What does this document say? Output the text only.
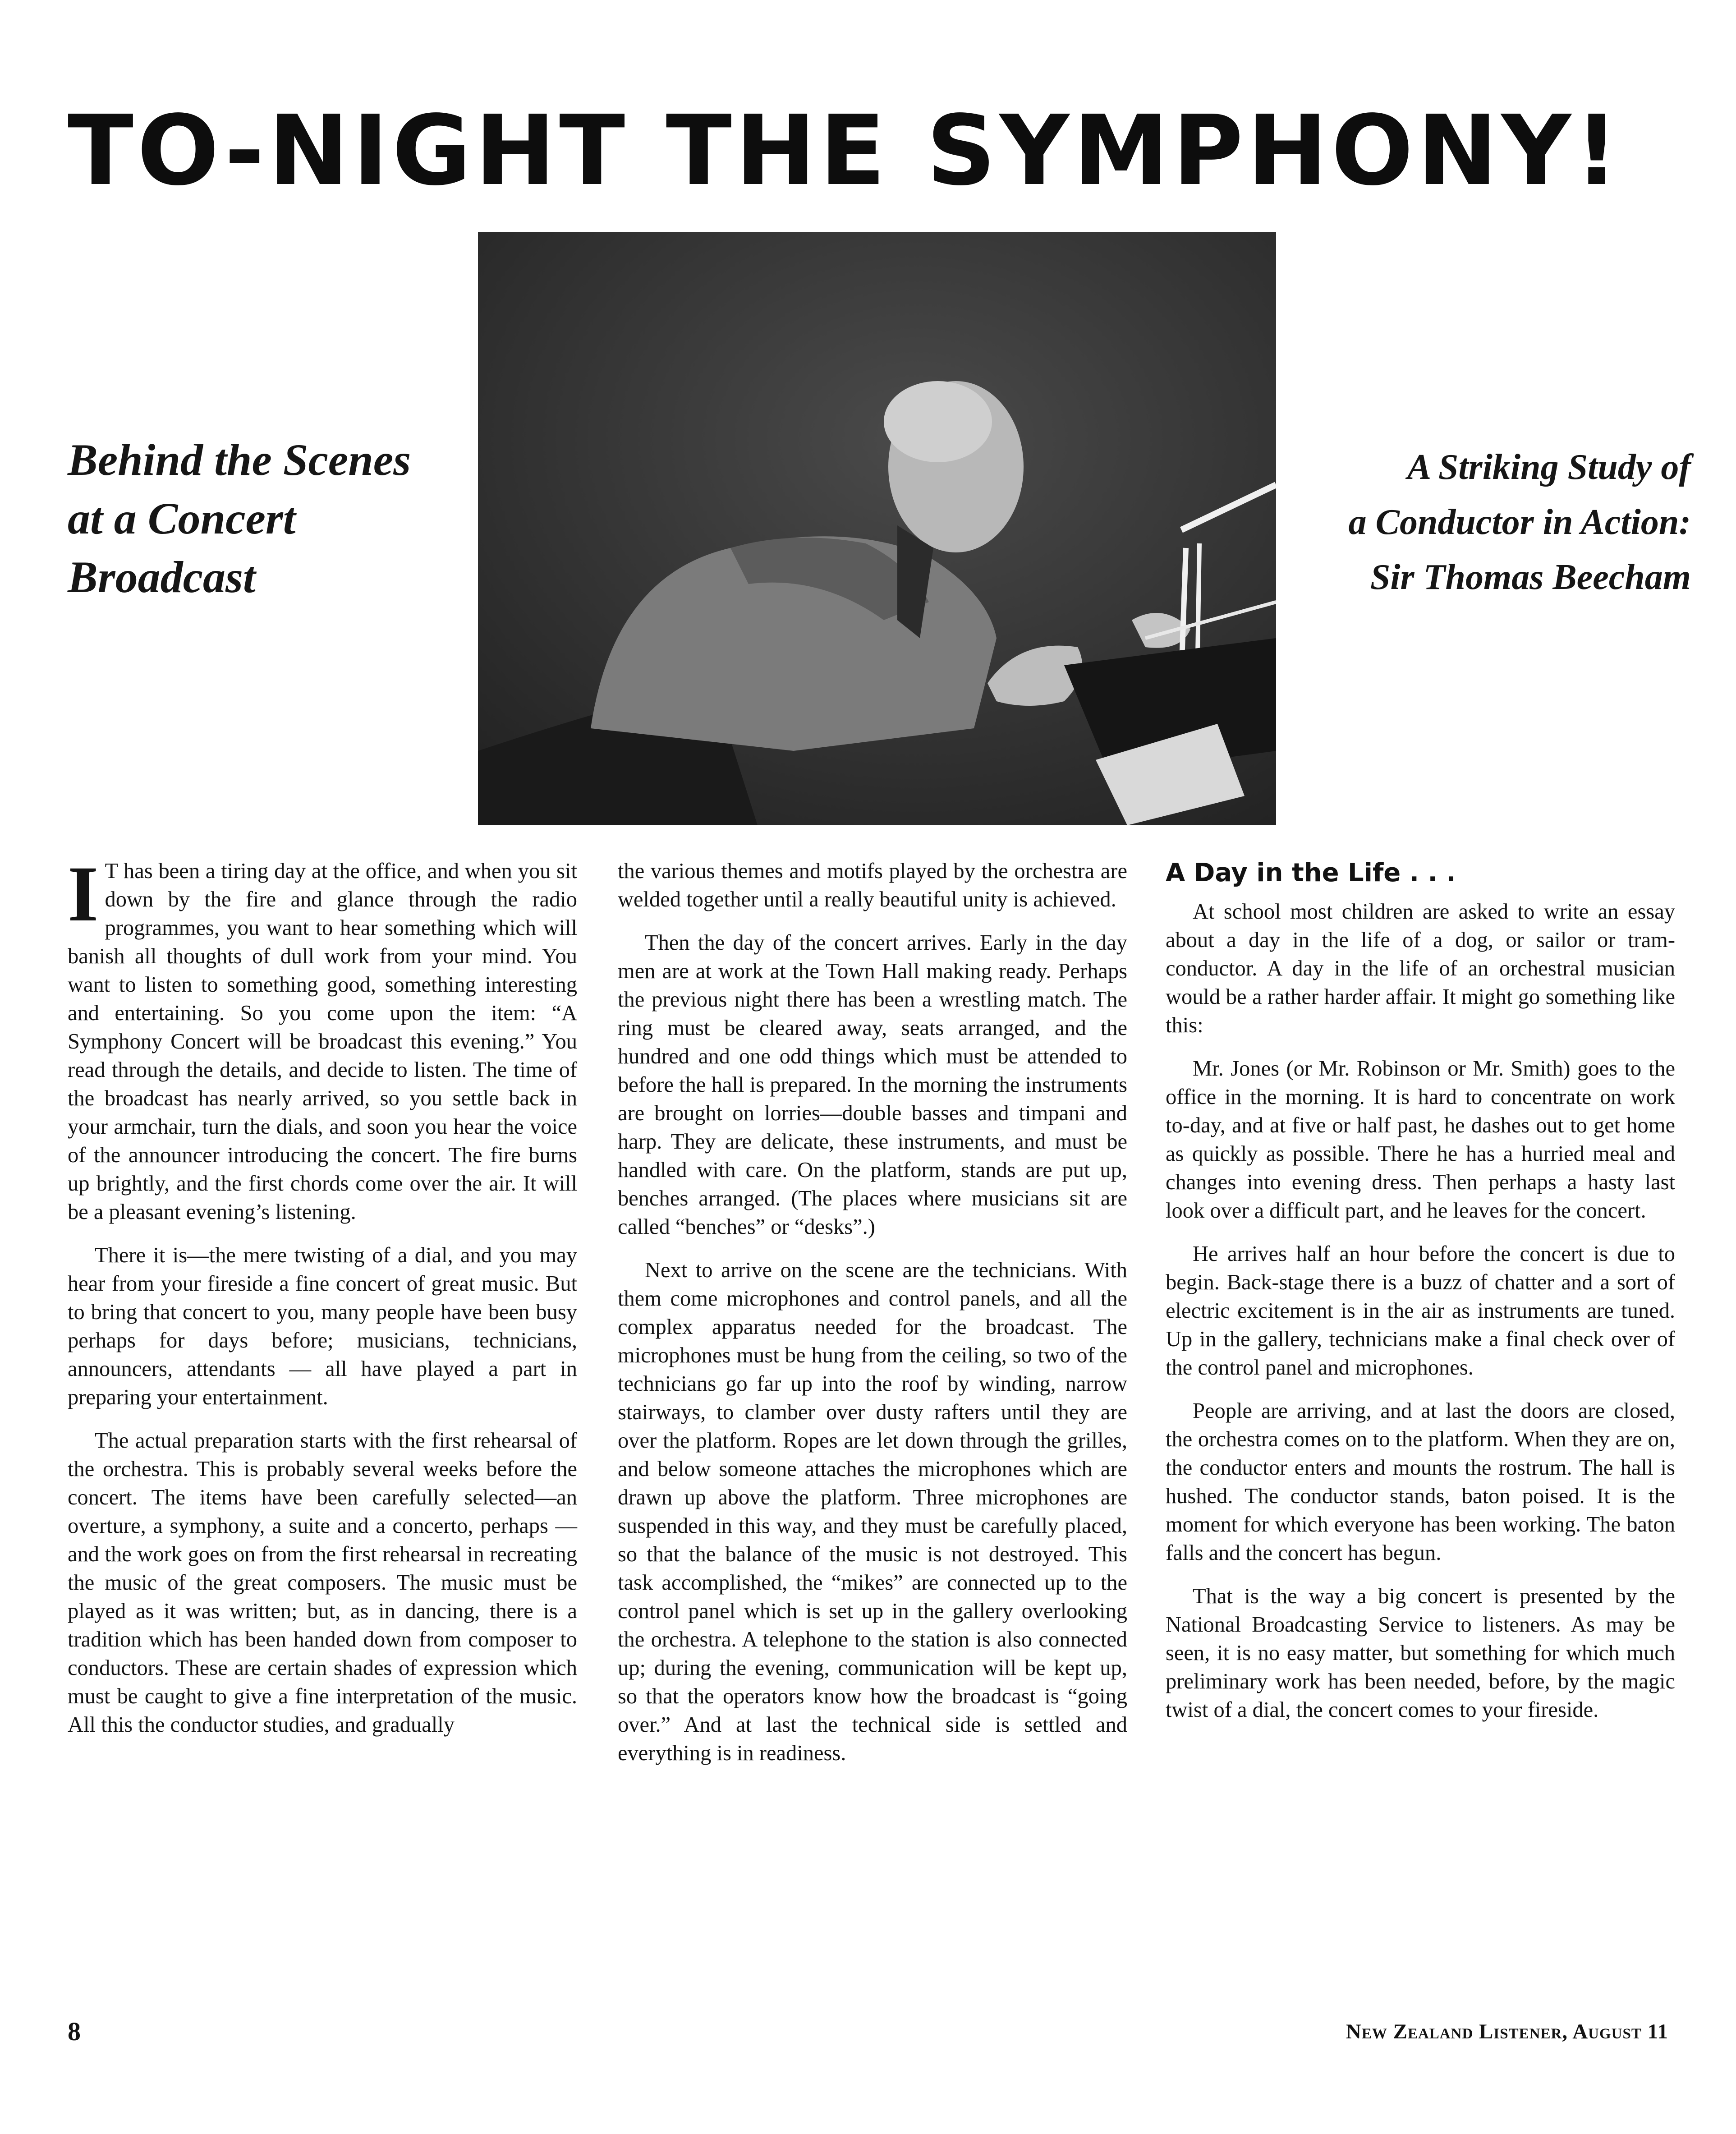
TO-NIGHT THE SYMPHONY!
Behind the Scenes
at a Concert
Broadcast
A Striking Study of
a Conductor in Action:
Sir Thomas Beecham

I T has been a tiring day at the office, and when you sit down by the fire and glance through the radio programmes, you want to hear something which will banish all thoughts of dull work from your mind. You want to listen to something good, something interesting and entertaining. So you come upon the item: “A Symphony Concert will be broadcast this evening.” You read through the details, and decide to listen. The time of the broadcast has nearly arrived, so you settle back in your armchair, turn the dials, and soon you hear the voice of the announcer introducing the concert. The fire burns up brightly, and the first chords come over the air. It will be a pleasant evening’s listening.

There it is—the mere twisting of a dial, and you may hear from your fireside a fine concert of great music. But to bring that concert to you, many people have been busy perhaps for days before; musicians, technicians, announcers, attendants — all have played a part in preparing your entertainment.

The actual preparation starts with the first rehearsal of the orchestra. This is probably several weeks before the concert. The items have been carefully selected—an overture, a symphony, a suite and a concerto, perhaps —and the work goes on from the first rehearsal in recreating the music of the great composers. The music must be played as it was written; but, as in dancing, there is a tradition which has been handed down from composer to conductors. These are certain shades of expression which must be caught to give a fine interpretation of the music. All this the conductor studies, and gradually

the various themes and motifs played by the orchestra are welded together until a really beautiful unity is achieved.

Then the day of the concert arrives. Early in the day men are at work at the Town Hall making ready. Perhaps the previous night there has been a wrestling match. The ring must be cleared away, seats arranged, and the hundred and one odd things which must be attended to before the hall is prepared. In the morning the instruments are brought on lorries—double basses and timpani and harp. They are delicate, these instruments, and must be handled with care. On the platform, stands are put up, benches arranged. (The places where musicians sit are called “benches” or “desks”.)

Next to arrive on the scene are the technicians. With them come microphones and control panels, and all the complex apparatus needed for the broadcast. The microphones must be hung from the ceiling, so two of the technicians go far up into the roof by winding, narrow stairways, to clamber over dusty rafters until they are over the platform. Ropes are let down through the grilles, and below someone attaches the microphones which are drawn up above the platform. Three microphones are suspended in this way, and they must be carefully placed, so that the balance of the music is not destroyed. This task accomplished, the “mikes” are connected up to the control panel which is set up in the gallery overlooking the orchestra. A telephone to the station is also connected up; during the evening, communication will be kept up, so that the operators know how the broadcast is “going over.” And at last the technical side is settled and everything is in readiness.

A Day in the Life . . .

At school most children are asked to write an essay about a day in the life of a dog, or sailor or tram-conductor. A day in the life of an orchestral musician would be a rather harder affair. It might go something like this:

Mr. Jones (or Mr. Robinson or Mr. Smith) goes to the office in the morning. It is hard to concentrate on work to-day, and at five or half past, he dashes out to get home as quickly as possible. There he has a hurried meal and changes into evening dress. Then perhaps a hasty last look over a difficult part, and he leaves for the concert.

He arrives half an hour before the concert is due to begin. Back-stage there is a buzz of chatter and a sort of electric excitement is in the air as instruments are tuned. Up in the gallery, technicians make a final check over of the control panel and microphones.

People are arriving, and at last the doors are closed, the orchestra comes on to the platform. When they are on, the conductor enters and mounts the rostrum. The hall is hushed. The conductor stands, baton poised. It is the moment for which everyone has been working. The baton falls and the concert has begun.

That is the way a big concert is presented by the National Broadcasting Service to listeners. As may be seen, it is no easy matter, but something for which much preliminary work has been needed, before, by the magic twist of a dial, the concert comes to your fireside.

8	New Zealand Listener, August 11
